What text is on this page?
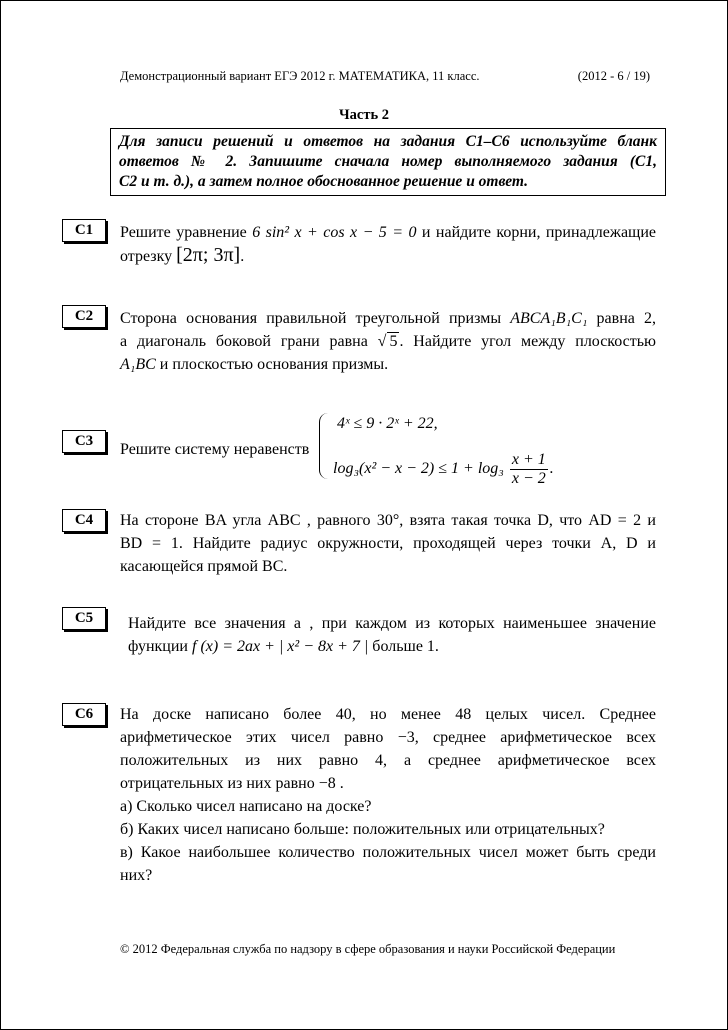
Демонстрационный вариант ЕГЭ 2012 г. МАТЕМАТИКА, 11 класс.	(2012 - 6 / 19)
Часть 2
Для записи решений и ответов на задания С1–С6 используйте бланк
ответов № 2. Запишите сначала номер выполняемого задания (С1,
С2 и т. д.), а затем полное обоснованное решение и ответ.
С1	Решите уравнение 6 sin² x + cos x − 5 = 0 и найдите корни, принадлежащие
отрезку [2π; 3π].
С2	Сторона основания правильной треугольной призмы ABCA₁B₁C₁ равна 2,
а диагональ боковой грани равна √ 5 . Найдите угол между плоскостью
A₁BC и плоскостью основания призмы.
С3	Решите систему неравенств
4ˣ ≤ 9 · 2ˣ + 22,
$\log_3(x^2 - x - 2) \le 1 + \log_3 \frac{x + 1}{x - 2}$ .
С4	На стороне BA угла ABC , равного 30°, взята такая точка D, что AD = 2 и
BD = 1. Найдите радиус окружности, проходящей через точки A, D и
касающейся прямой BC.
С5	Найдите все значения a , при каждом из которых наименьшее значение
функции f (x) = 2ax + | x² − 8x + 7 | больше 1.
С6	На доске написано более 40, но менее 48 целых чисел. Среднее
арифметическое этих чисел равно −3, среднее арифметическое всех
положительных из них равно 4, а среднее арифметическое всех
отрицательных из них равно −8 .
а) Сколько чисел написано на доске?
б) Каких чисел написано больше: положительных или отрицательных?
в) Какое наибольшее количество положительных чисел может быть среди
них?
© 2012 Федеральная служба по надзору в сфере образования и науки Российской Федерации
